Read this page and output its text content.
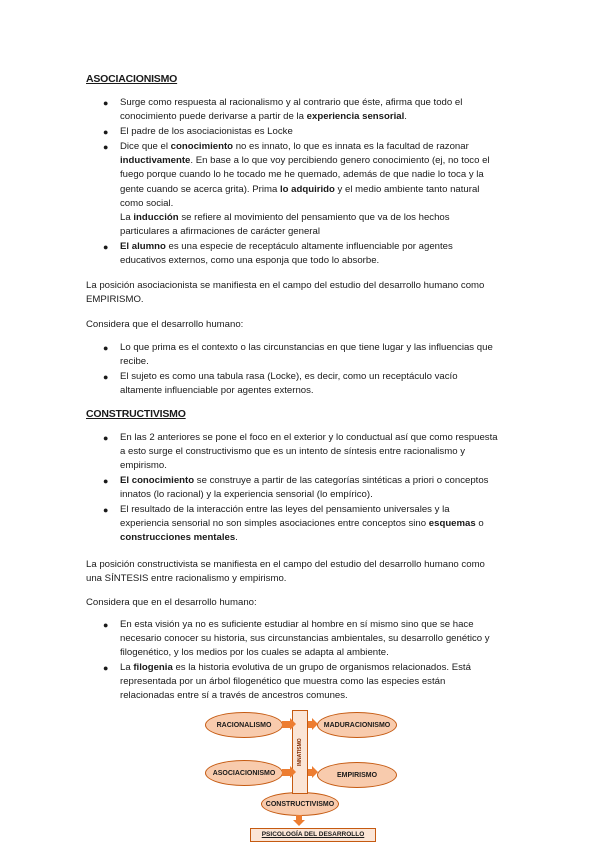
ASOCIACIONISMO
● Surge como respuesta al racionalismo y al contrario que éste, afirma que todo el
conocimiento puede derivarse a partir de la experiencia sensorial.
● El padre de los asociacionistas es Locke
● Dice que el conocimiento no es innato, lo que es innata es la facultad de razonar
inductivamente. En base a lo que voy percibiendo genero conocimiento (ej, no toco el
fuego porque cuando lo he tocado me he quemado, además de que nadie lo toca y la
gente cuando se acerca grita). Prima lo adquirido y el medio ambiente tanto natural
como social.
La inducción se refiere al movimiento del pensamiento que va de los hechos
particulares a afirmaciones de carácter general
● El alumno es una especie de receptáculo altamente influenciable por agentes
educativos externos, como una esponja que todo lo absorbe.
La posición asociacionista se manifiesta en el campo del estudio del desarrollo humano como
EMPIRISMO.
Considera que el desarrollo humano:
● Lo que prima es el contexto o las circunstancias en que tiene lugar y las influencias que
recibe.
● El sujeto es como una tabula rasa (Locke), es decir, como un receptáculo vacío
altamente influenciable por agentes externos.
CONSTRUCTIVISMO
● En las 2 anteriores se pone el foco en el exterior y lo conductual así que como respuesta
a esto surge el constructivismo que es un intento de síntesis entre racionalismo y
empirismo.
● El conocimiento se construye a partir de las categorías sintéticas a priori o conceptos
innatos (lo racional) y la experiencia sensorial (lo empírico).
● El resultado de la interacción entre las leyes del pensamiento universales y la
experiencia sensorial no son simples asociaciones entre conceptos sino esquemas o
construcciones mentales.
La posición constructivista se manifiesta en el campo del estudio del desarrollo humano como
una SÍNTESIS entre racionalismo y empirismo.
Considera que en el desarrollo humano:
● En esta visión ya no es suficiente estudiar al hombre en sí mismo sino que se hace
necesario conocer su historia, sus circunstancias ambientales, su desarrollo genético y
filogenético, y los medios por los cuales se adapta al ambiente.
● La filogenia es la historia evolutiva de un grupo de organismos relacionados. Está
representada por un árbol filogenético que muestra como las especies están
relacionadas entre sí a través de ancestros comunes.
RACIONALISMO	MADURACIONISMO
ASOCIACIONISMO	EMPIRISMO
CONSTRUCTIVISMO
INNATISMO
PSICOLOGÍA DEL DESARROLLO
